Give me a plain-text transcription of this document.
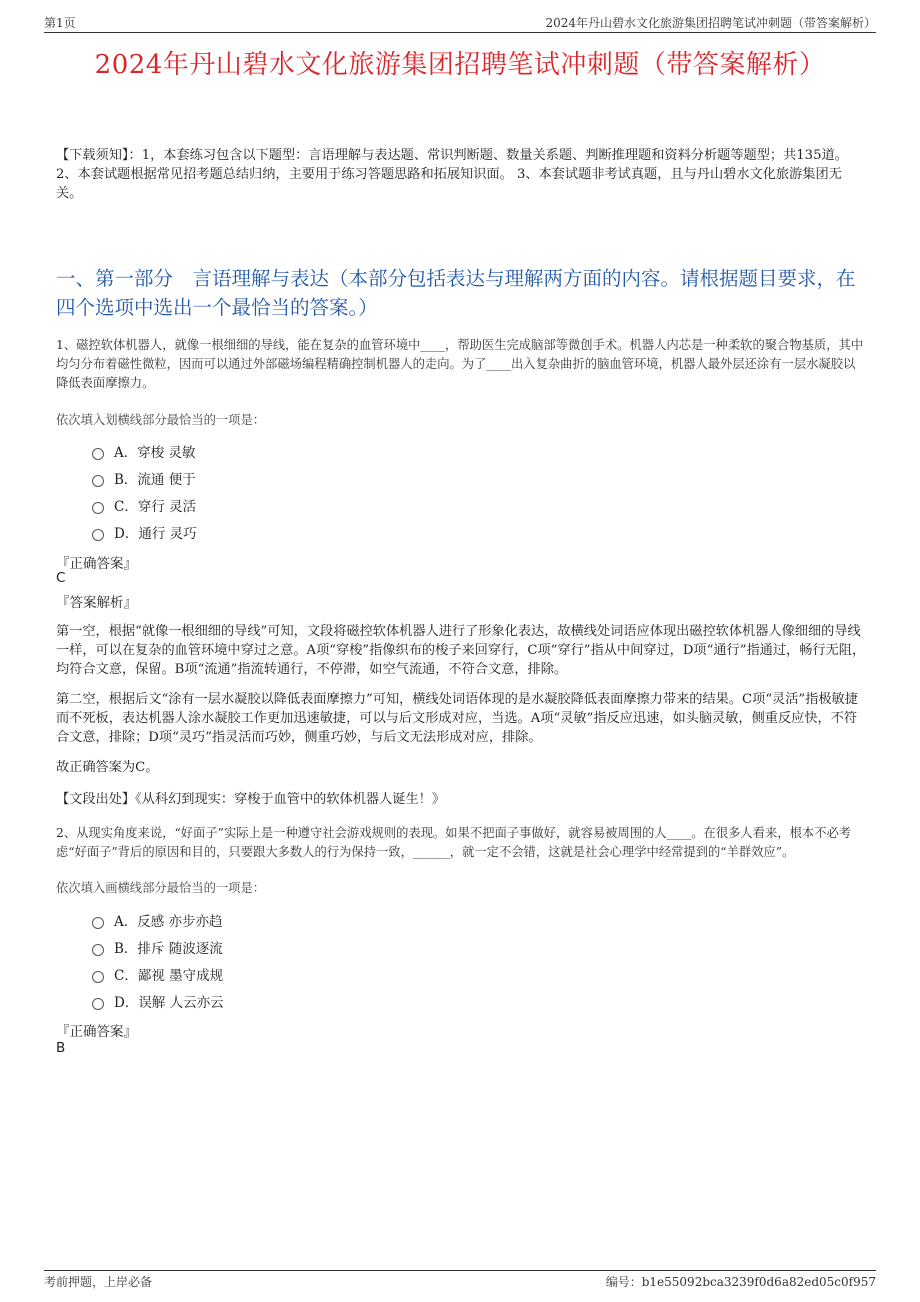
第1页	2024年丹山碧水文化旅游集团招聘笔试冲刺题（带答案解析）
2024年丹山碧水文化旅游集团招聘笔试冲刺题（带答案解析）
【下载须知】：1，本套练习包含以下题型：言语理解与表达题、常识判断题、数量关系题、判断推理题和资料分析题等题型；共135道。 2、本套试题根据常见招考题总结归纳，主要用于练习答题思路和拓展知识面。 3、本套试题非考试真题，且与丹山碧水文化旅游集团无关。
一、第一部分　言语理解与表达（本部分包括表达与理解两方面的内容。请根据题目要求，在四个选项中选出一个最恰当的答案。）
1、磁控软体机器人，就像一根细细的导线，能在复杂的血管环境中____，帮助医生完成脑部等微创手术。机器人内芯是一种柔软的聚合物基质，其中均匀分布着磁性微粒，因而可以通过外部磁场编程精确控制机器人的走向。为了____出入复杂曲折的脑血管环境，机器人最外层还涂有一层水凝胶以降低表面摩擦力。
依次填入划横线部分最恰当的一项是：
A．穿梭 灵敏
B．流通 便于
C．穿行 灵活
D．通行 灵巧
『正确答案』
C
『答案解析』
第一空，根据“就像一根细细的导线”可知，文段将磁控软体机器人进行了形象化表达，故横线处词语应体现出磁控软体机器人像细细的导线一样，可以在复杂的血管环境中穿过之意。A项“穿梭”指像织布的梭子来回穿行，C项“穿行”指从中间穿过，D项“通行”指通过，畅行无阻，均符合文意，保留。B项“流通”指流转通行，不停滞，如空气流通，不符合文意，排除。
第二空，根据后文“涂有一层水凝胶以降低表面摩擦力”可知，横线处词语体现的是水凝胶降低表面摩擦力带来的结果。C项“灵活”指极敏捷而不死板，表达机器人涂水凝胶工作更加迅速敏捷，可以与后文形成对应，当选。A项“灵敏”指反应迅速，如头脑灵敏，侧重反应快，不符合文意，排除；D项“灵巧”指灵活而巧妙，侧重巧妙，与后文无法形成对应，排除。
故正确答案为C。
【文段出处】《从科幻到现实：穿梭于血管中的软体机器人诞生！》
2、从现实角度来说，“好面子”实际上是一种遵守社会游戏规则的表现。如果不把面子事做好，就容易被周围的人____。在很多人看来，根本不必考虑“好面子”背后的原因和目的，只要跟大多数人的行为保持一致，______，就一定不会错，这就是社会心理学中经常提到的“羊群效应”。
依次填入画横线部分最恰当的一项是：
A．反感 亦步亦趋
B．排斥 随波逐流
C．鄙视 墨守成规
D．误解 人云亦云
『正确答案』
B
考前押题，上岸必备	编号：b1e55092bca3239f0d6a82ed05c0f957
